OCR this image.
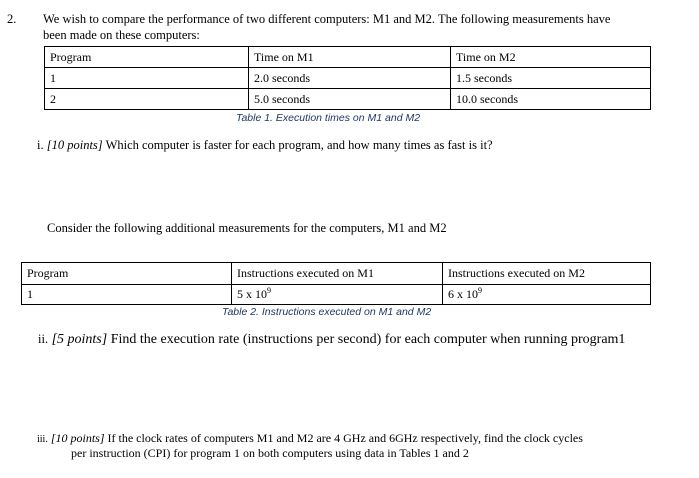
2. We wish to compare the performance of two different computers: M1 and M2. The following measurements have
been made on these computers:
Program	Time on M1	Time on M2
1	2.0 seconds	1.5 seconds
2	5.0 seconds	10.0 seconds
Table 1. Execution times on M1 and M2
i. [10 points] Which computer is faster for each program, and how many times as fast is it?
Consider the following additional measurements for the computers, M1 and M2
Program	Instructions executed on M1	Instructions executed on M2
1	5 x $10^9$	6 x $10^9$
Table 2. Instructions executed on M1 and M2
ii. [5 points] Find the execution rate (instructions per second) for each computer when running program1
iii. [10 points] If the clock rates of computers M1 and M2 are 4 GHz and 6GHz respectively, find the clock cycles
per instruction (CPI) for program 1 on both computers using data in Tables 1 and 2
